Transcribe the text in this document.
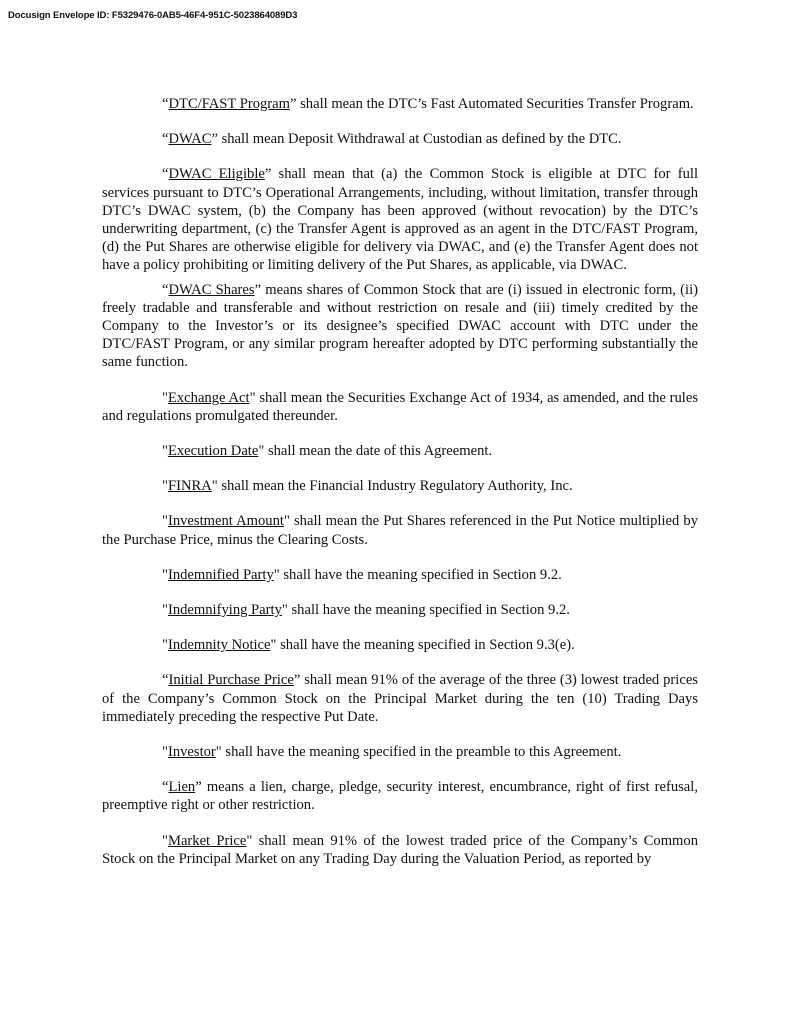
Docusign Envelope ID: F5329476-0AB5-46F4-951C-5023864089D3

“DTC/FAST Program” shall mean the DTC’s Fast Automated Securities Transfer Program.

“DWAC” shall mean Deposit Withdrawal at Custodian as defined by the DTC.

“DWAC Eligible” shall mean that (a) the Common Stock is eligible at DTC for full services pursuant to DTC’s Operational Arrangements, including, without limitation, transfer through DTC’s DWAC system, (b) the Company has been approved (without revocation) by the DTC’s underwriting department, (c) the Transfer Agent is approved as an agent in the DTC/FAST Program, (d) the Put Shares are otherwise eligible for delivery via DWAC, and (e) the Transfer Agent does not have a policy prohibiting or limiting delivery of the Put Shares, as applicable, via DWAC.

“DWAC Shares” means shares of Common Stock that are (i) issued in electronic form, (ii) freely tradable and transferable and without restriction on resale and (iii) timely credited by the Company to the Investor’s or its designee’s specified DWAC account with DTC under the DTC/FAST Program, or any similar program hereafter adopted by DTC performing substantially the same function.

"Exchange Act" shall mean the Securities Exchange Act of 1934, as amended, and the rules and regulations promulgated thereunder.

"Execution Date" shall mean the date of this Agreement.

"FINRA" shall mean the Financial Industry Regulatory Authority, Inc.

"Investment Amount" shall mean the Put Shares referenced in the Put Notice multiplied by the Purchase Price, minus the Clearing Costs.

"Indemnified Party" shall have the meaning specified in Section 9.2.

"Indemnifying Party" shall have the meaning specified in Section 9.2.

"Indemnity Notice" shall have the meaning specified in Section 9.3(e).

“Initial Purchase Price” shall mean 91% of the average of the three (3) lowest traded prices of the Company’s Common Stock on the Principal Market during the ten (10) Trading Days immediately preceding the respective Put Date.

"Investor" shall have the meaning specified in the preamble to this Agreement.

“Lien” means a lien, charge, pledge, security interest, encumbrance, right of first refusal, preemptive right or other restriction.

"Market Price" shall mean 91% of the lowest traded price of the Company’s Common Stock on the Principal Market on any Trading Day during the Valuation Period, as reported by
